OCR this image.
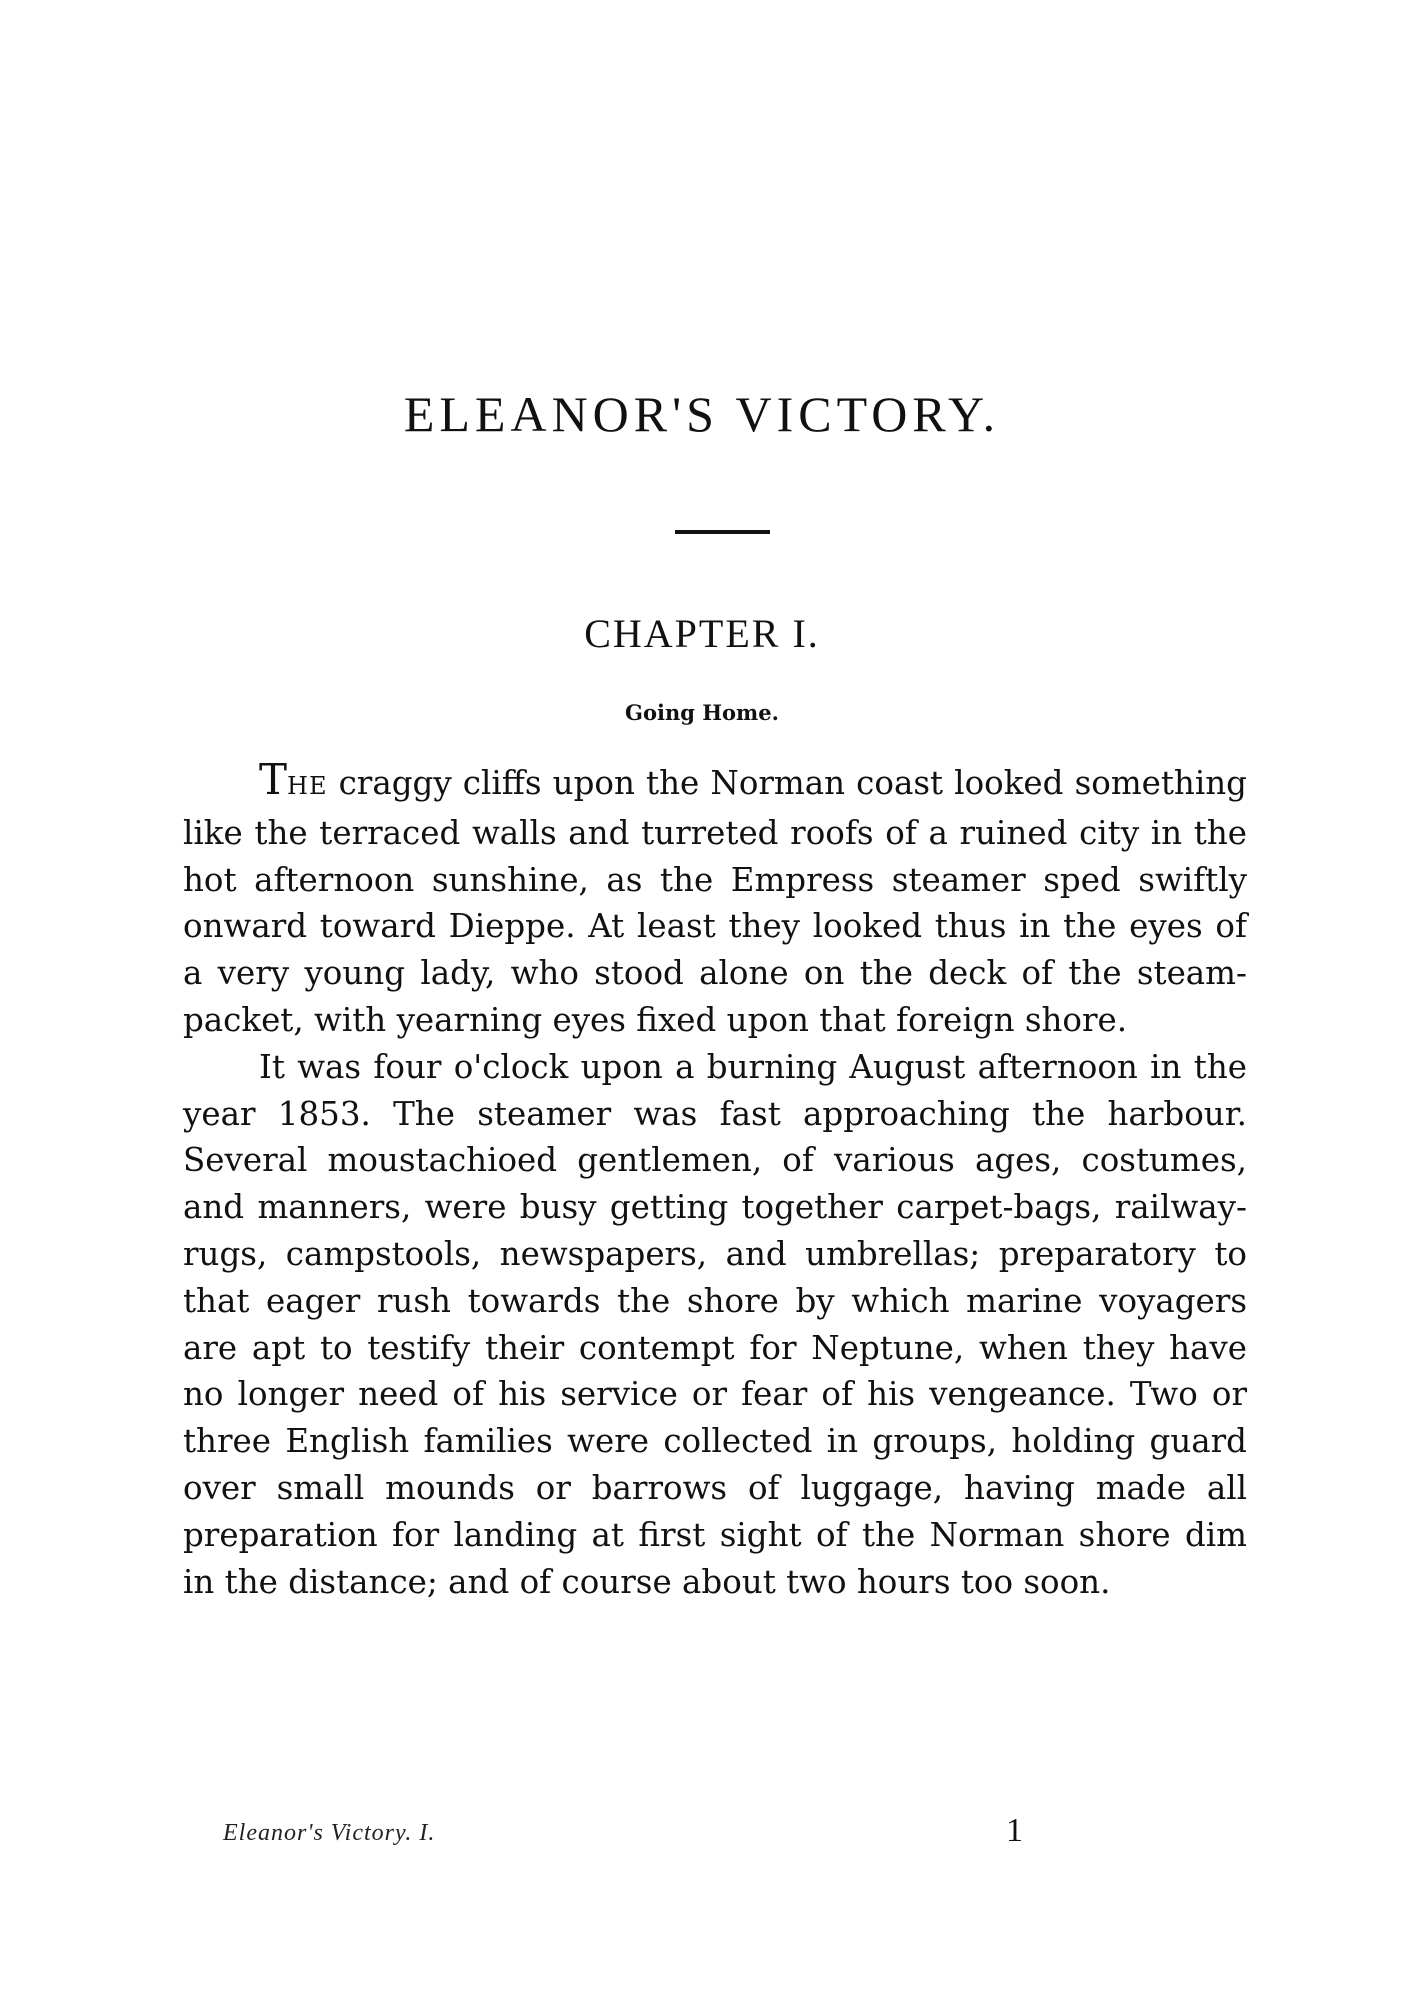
ELEANOR'S VICTORY.
CHAPTER I.
Going Home.

THE craggy cliffs upon the Norman coast looked something like the terraced walls and turreted roofs of a ruined city in the hot afternoon sunshine, as the Empress steamer sped swiftly onward toward Dieppe. At least they looked thus in the eyes of a very young lady, who stood alone on the deck of the steam-packet, with yearning eyes fixed upon that foreign shore.

It was four o'clock upon a burning August afternoon in the year 1853. The steamer was fast approaching the harbour. Several moustachioed gentlemen, of various ages, costumes, and manners, were busy getting together carpet-bags, railway-rugs, campstools, newspapers, and umbrellas; preparatory to that eager rush towards the shore by which marine voyagers are apt to testify their contempt for Neptune, when they have no longer need of his service or fear of his vengeance. Two or three English families were collected in groups, holding guard over small mounds or barrows of luggage, having made all preparation for landing at first sight of the Norman shore dim in the distance; and of course about two hours too soon.

Eleanor's Victory. I.	1
